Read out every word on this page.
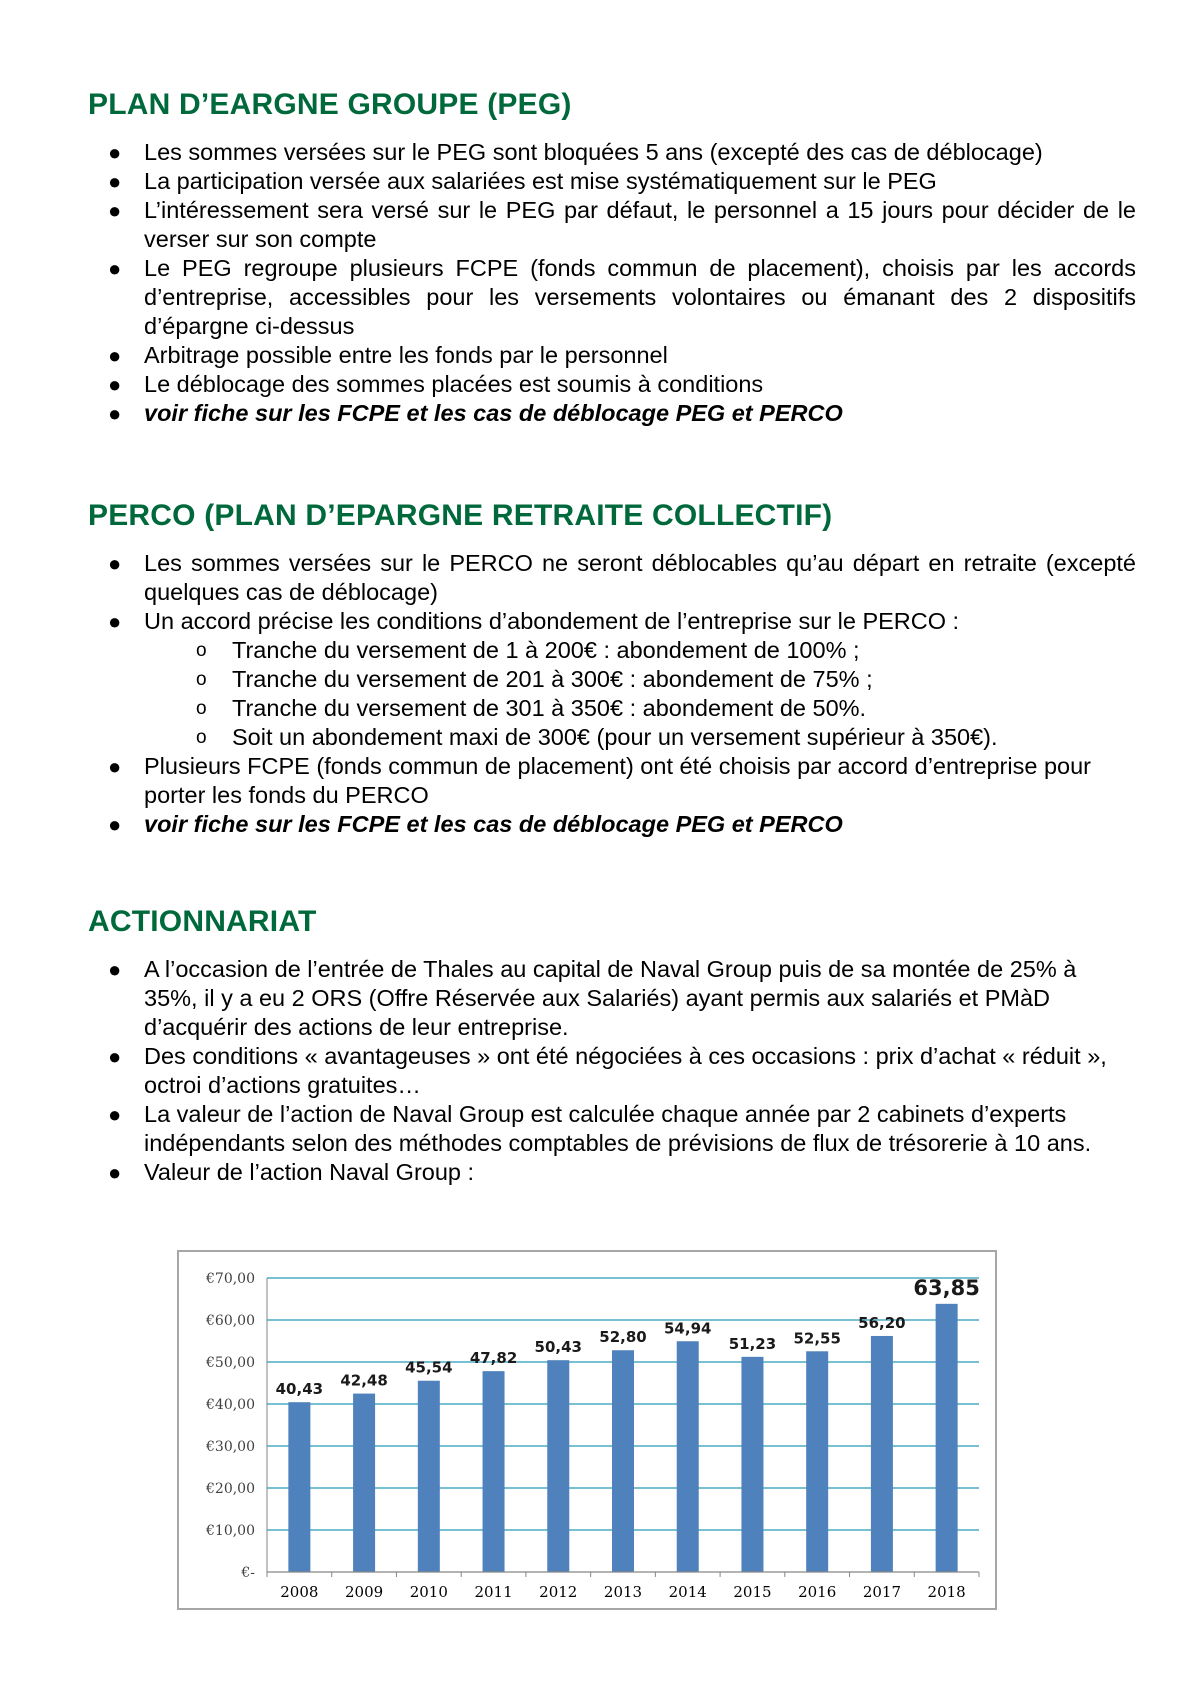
PLAN D’EARGNE GROUPE (PEG)
● Les sommes versées sur le PEG sont bloquées 5 ans (excepté des cas de déblocage)
● La participation versée aux salariées est mise systématiquement sur le PEG
● L’intéressement sera versé sur le PEG par défaut, le personnel a 15 jours pour décider de le verser sur son compte
● Le PEG regroupe plusieurs FCPE (fonds commun de placement), choisis par les accords d’entreprise, accessibles pour les versements volontaires ou émanant des 2 dispositifs d’épargne ci-dessus
● Arbitrage possible entre les fonds par le personnel
● Le déblocage des sommes placées est soumis à conditions
● voir fiche sur les FCPE et les cas de déblocage PEG et PERCO
PERCO (PLAN D’EPARGNE RETRAITE COLLECTIF)
● Les sommes versées sur le PERCO ne seront déblocables qu’au départ en retraite (excepté quelques cas de déblocage)
● Un accord précise les conditions d’abondement de l’entreprise sur le PERCO :
o Tranche du versement de 1 à 200€ : abondement de 100% ;
o Tranche du versement de 201 à 300€ : abondement de 75% ;
o Tranche du versement de 301 à 350€ : abondement de 50%.
o Soit un abondement maxi de 300€ (pour un versement supérieur à 350€).
● Plusieurs FCPE (fonds commun de placement) ont été choisis par accord d’entreprise pour porter les fonds du PERCO
● voir fiche sur les FCPE et les cas de déblocage PEG et PERCO
ACTIONNARIAT
● A l’occasion de l’entrée de Thales au capital de Naval Group puis de sa montée de 25% à 35%, il y a eu 2 ORS (Offre Réservée aux Salariés) ayant permis aux salariés et PMàD d’acquérir des actions de leur entreprise.
● Des conditions « avantageuses » ont été négociées à ces occasions : prix d’achat « réduit », octroi d’actions gratuites…
● La valeur de l’action de Naval Group est calculée chaque année par 2 cabinets d’experts indépendants selon des méthodes comptables de prévisions de flux de trésorerie à 10 ans.
● Valeur de l’action Naval Group :
€-
€10,00
€20,00
€30,00
€40,00
€50,00
€60,00
€70,00
40,43
2008
42,48
2009
45,54
2010
47,82
2011
50,43
2012
52,80
2013
54,94
2014
51,23
2015
52,55
2016
56,20
2017
63,85
2018
